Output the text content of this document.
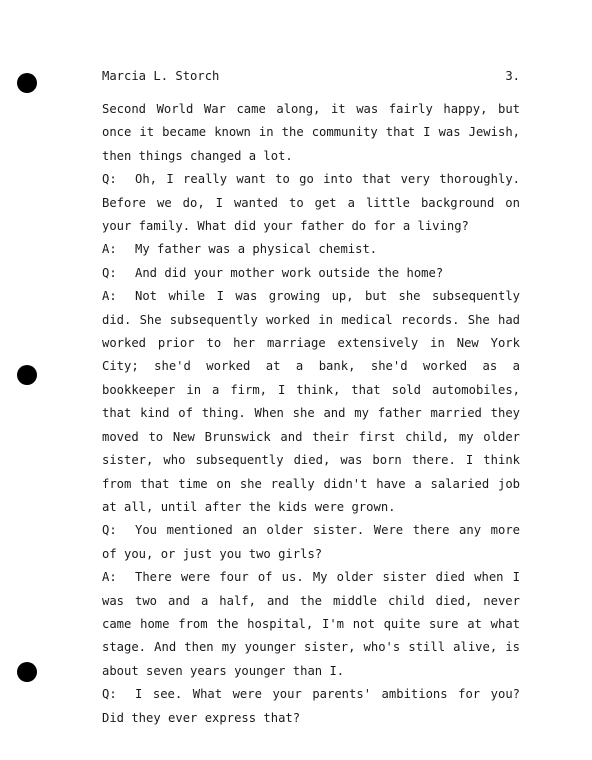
Marcia L. Storch	3.

Second World War came along, it was fairly happy, but once it became known in the community that I was Jewish, then things changed a lot.

Q: Oh, I really want to go into that very thoroughly. Before we do, I wanted to get a little background on your family. What did your father do for a living?

A: My father was a physical chemist.

Q: And did your mother work outside the home?

A: Not while I was growing up, but she subsequently did. She subsequently worked in medical records. She had worked prior to her marriage extensively in New York City; she'd worked at a bank, she'd worked as a bookkeeper in a firm, I think, that sold automobiles, that kind of thing. When she and my father married they moved to New Brunswick and their first child, my older sister, who subsequently died, was born there. I think from that time on she really didn't have a salaried job at all, until after the kids were grown.

Q: You mentioned an older sister. Were there any more of you, or just you two girls?

A: There were four of us. My older sister died when I was two and a half, and the middle child died, never came home from the hospital, I'm not quite sure at what stage. And then my younger sister, who's still alive, is about seven years younger than I.

Q: I see. What were your parents' ambitions for you? Did they ever express that?
